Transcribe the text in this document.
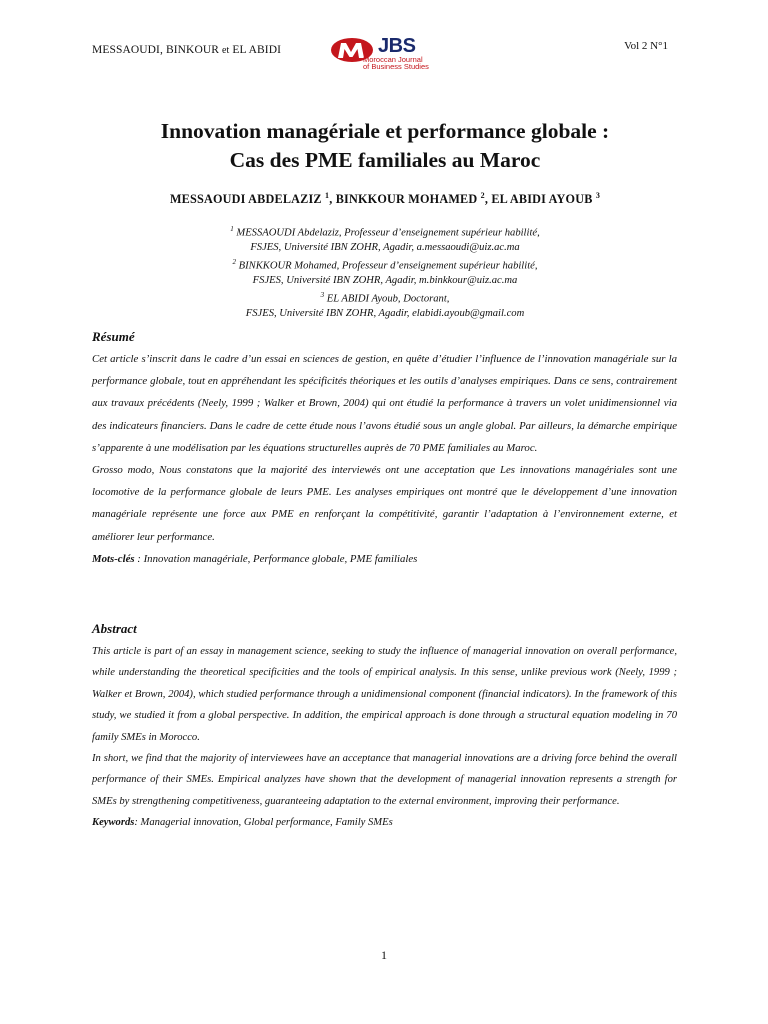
MESSAOUDI, BINKOUR et EL ABIDI	JBS
Moroccan Journal
of Business Studies
Vol 2 N°1
Innovation managériale et performance globale :
Cas des PME familiales au Maroc
MESSAOUDI ABDELAZIZ $^1$, BINKKOUR MOHAMED $^2$, EL ABIDI AYOUB $^3$
$^1$ MESSAOUDI Abdelaziz, Professeur d’enseignement supérieur habilité,
FSJES, Université IBN ZOHR, Agadir, a.messaoudi@uiz.ac.ma
$^2$ BINKKOUR Mohamed, Professeur d’enseignement supérieur habilité,
FSJES, Université IBN ZOHR, Agadir, m.binkkour@uiz.ac.ma
$^3$ EL ABIDI Ayoub, Doctorant,
FSJES, Université IBN ZOHR, Agadir, elabidi.ayoub@gmail.com
Résumé

Cet article s’inscrit dans le cadre d’un essai en sciences de gestion, en quête d’étudier l’influence de l’innovation managériale sur la performance globale, tout en appréhendant les spécificités théoriques et les outils d’analyses empiriques. Dans ce sens, contrairement aux travaux précédents (Neely, 1999 ; Walker et Brown, 2004) qui ont étudié la performance à travers un volet unidimensionnel via des indicateurs financiers. Dans le cadre de cette étude nous l’avons étudié sous un angle global. Par ailleurs, la démarche empirique s’apparente à une modélisation par les équations structurelles auprès de 70 PME familiales au Maroc.

Grosso modo, Nous constatons que la majorité des interviewés ont une acceptation que Les innovations managériales sont une locomotive de la performance globale de leurs PME. Les analyses empiriques ont montré que le développement d’une innovation managériale représente une force aux PME en renforçant la compétitivité, garantir l’adaptation à l’environnement externe, et améliorer leur performance.

Mots-clés : Innovation managériale, Performance globale, PME familiales

Abstract

This article is part of an essay in management science, seeking to study the influence of managerial innovation on overall performance, while understanding the theoretical specificities and the tools of empirical analysis. In this sense, unlike previous work (Neely, 1999 ; Walker et Brown, 2004), which studied performance through a unidimensional component (financial indicators). In the framework of this study, we studied it from a global perspective. In addition, the empirical approach is done through a structural equation modeling in 70 family SMEs in Morocco.

In short, we find that the majority of interviewees have an acceptance that managerial innovations are a driving force behind the overall performance of their SMEs. Empirical analyzes have shown that the development of managerial innovation represents a strength for SMEs by strengthening competitiveness, guaranteeing adaptation to the external environment, improving their performance.

Keywords: Managerial innovation, Global performance, Family SMEs

1
